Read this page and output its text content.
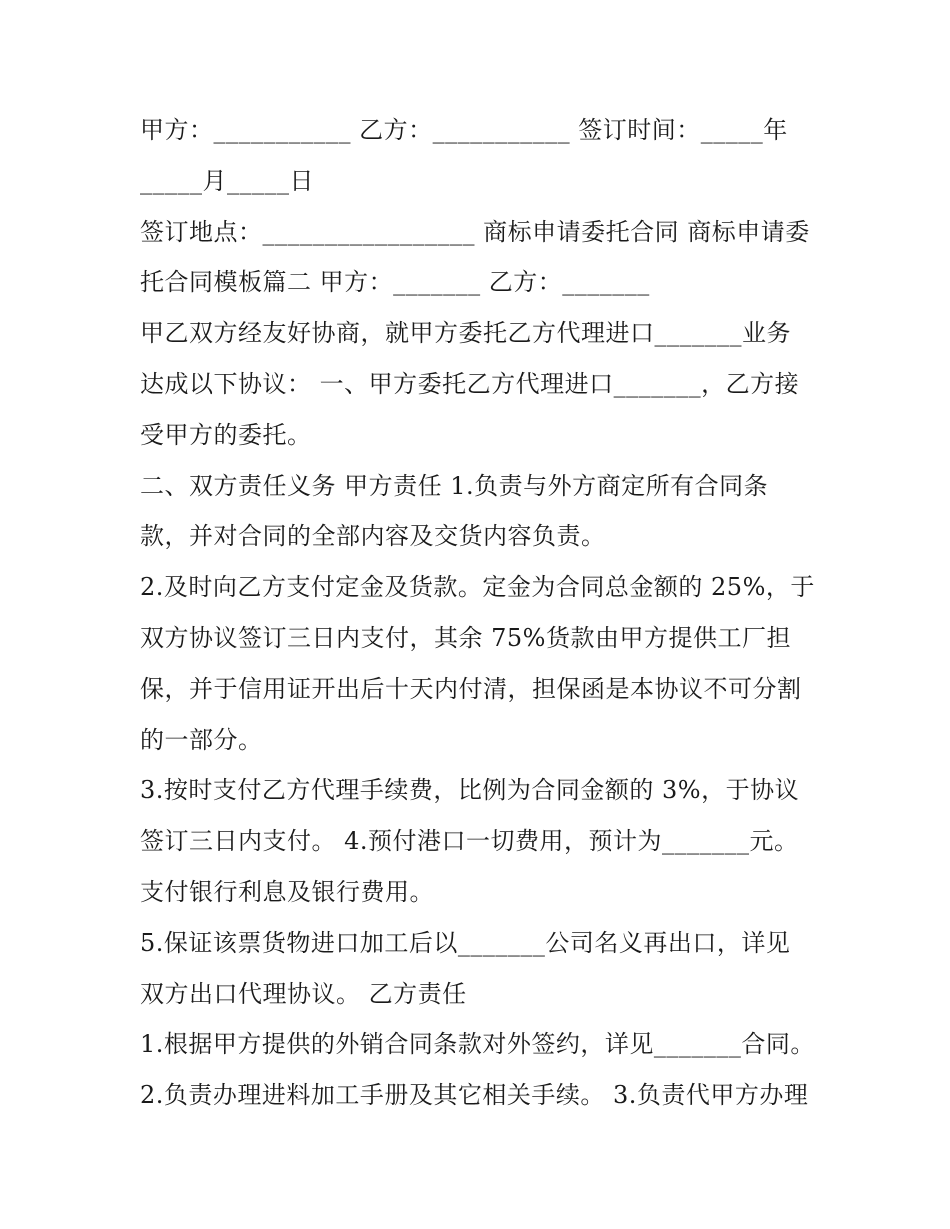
甲方：___________ 乙方：___________ 签订时间：_____年
_____月_____日
签订地点：_________________ 商标申请委托合同 商标申请委
托合同模板篇二 甲方：_______ 乙方：_______
甲乙双方经友好协商，就甲方委托乙方代理进口_______业务
达成以下协议： 一、甲方委托乙方代理进口_______，乙方接
受甲方的委托。
二、双方责任义务 甲方责任 1.负责与外方商定所有合同条
款，并对合同的全部内容及交货内容负责。
2.及时向乙方支付定金及货款。定金为合同总金额的 25%，于
双方协议签订三日内支付，其余 75%货款由甲方提供工厂担
保，并于信用证开出后十天内付清，担保函是本协议不可分割
的一部分。
3.按时支付乙方代理手续费，比例为合同金额的 3%，于协议
签订三日内支付。 4.预付港口一切费用，预计为_______元。
支付银行利息及银行费用。
5.保证该票货物进口加工后以_______公司名义再出口，详见
双方出口代理协议。 乙方责任
1.根据甲方提供的外销合同条款对外签约，详见_______合同。
2.负责办理进料加工手册及其它相关手续。 3.负责代甲方办理
